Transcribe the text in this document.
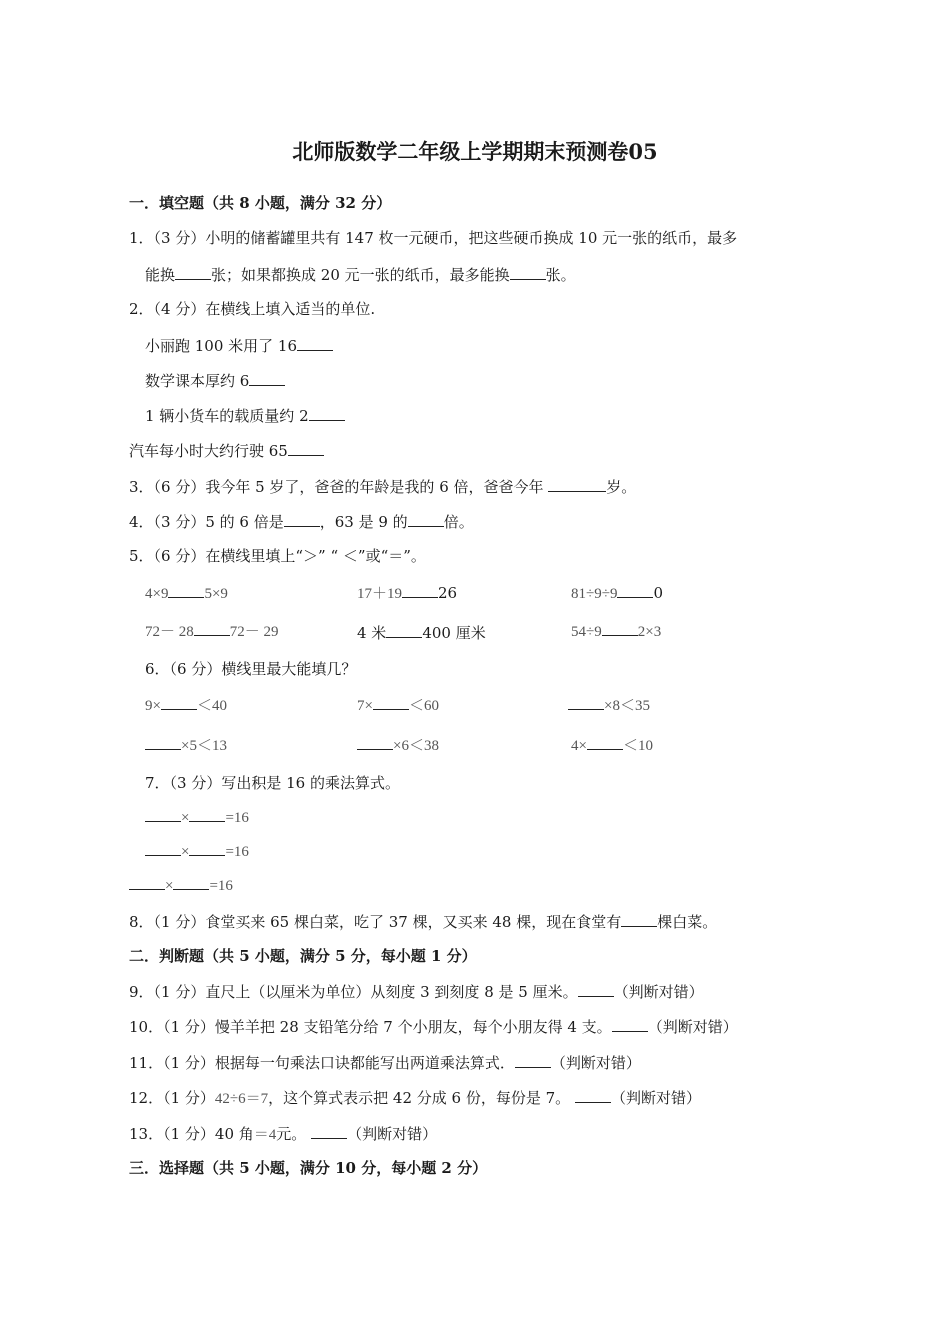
北师版数学二年级上学期期末预测卷05
一．填空题（共 8 小题，满分 32 分）
1．（3 分）小明的储蓄罐里共有 147 枚一元硬币，把这些硬币换成 10 元一张的纸币，最多
能换 张；如果都换成 20 元一张的纸币，最多能换 张。
2．（4 分）在横线上填入适当的单位.
小丽跑 100 米用了 16
数学课本厚约 6
1 辆小货车的载质量约 2
汽车每小时大约行驶 65
3．（6 分）我今年 5 岁了，爸爸的年龄是我的 6 倍，爸爸今年	岁。
4．（3 分）5 的 6 倍是 ，63 是 9 的 倍。
5．（6 分）在横线里填上“＞” “ ＜”或“＝”。
4×9 5×9	17＋19 26	81÷9÷9 0
72－ 28 72－ 29	4 米 400 厘米	54÷9 2×3
6．（6 分）横线里最大能填几？
9× ＜40	7× ＜60	×8＜35
×5＜13	×6＜38	4× ＜10
7．（3 分）写出积是 16 的乘法算式。
× =16
× =16
× =16
8．（1 分）食堂买来 65 棵白菜，吃了 37 棵，又买来 48 棵，现在食堂有 棵白菜。
二．判断题（共 5 小题，满分 5 分，每小题 1 分）
9．（1 分）直尺上（以厘米为单位）从刻度 3 到刻度 8 是 5 厘米。 （判断对错）
10．（1 分）慢羊羊把 28 支铅笔分给 7 个小朋友，每个小朋友得 4 支。 （判断对错）
11．（1 分）根据每一句乘法口诀都能写出两道乘法算式． （判断对错）
12．（1 分）42÷6＝7，这个算式表示把 42 分成 6 份，每份是 7。 （判断对错）
13．（1 分）40 角＝4元。 （判断对错）
三．选择题（共 5 小题，满分 10 分，每小题 2 分）
